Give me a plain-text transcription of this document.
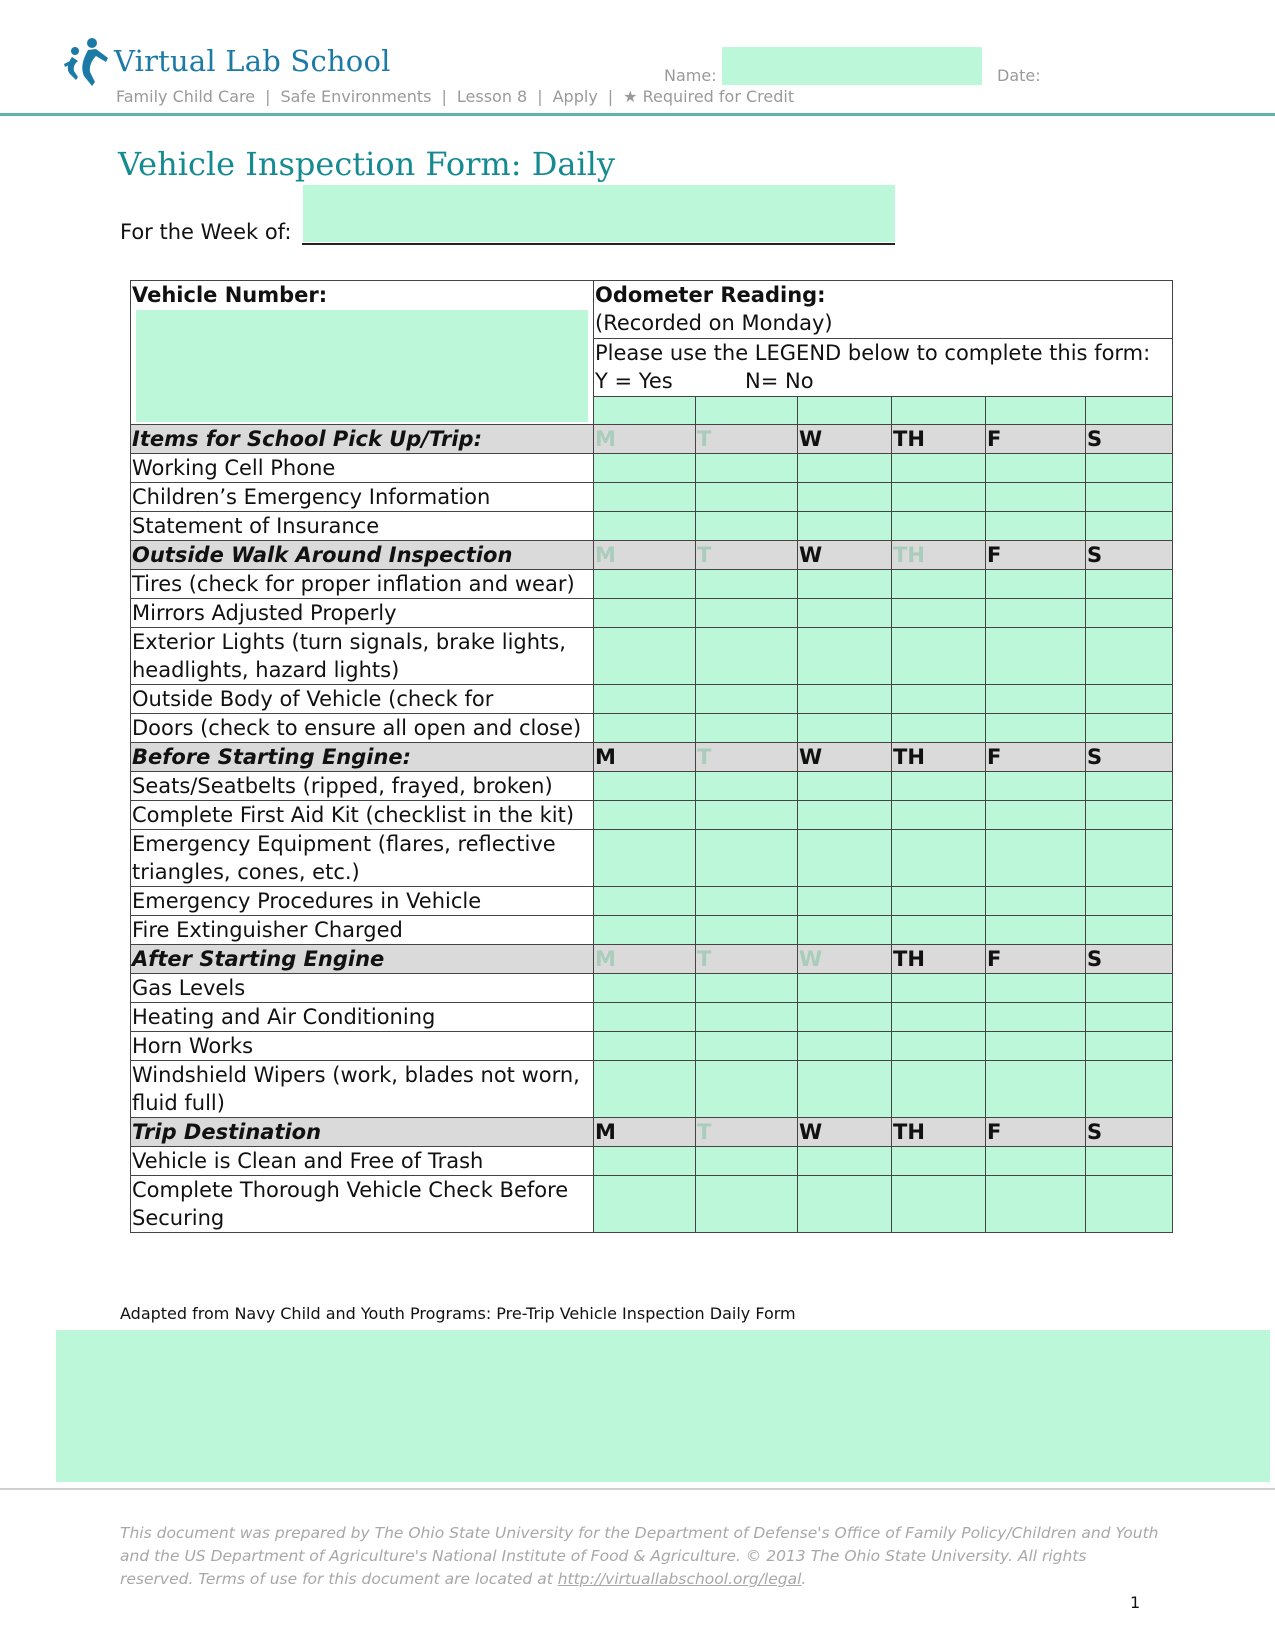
Virtual Lab School
Family Child Care | Safe Environments | Lesson 8 | Apply | ★ Required for Credit
Name:	Date:
Vehicle Inspection Form: Daily
For the Week of:
Vehicle Number:	Odometer Reading:
(Recorded on Monday)					

	Please use the LEGEND below to complete this form:
Y = Yes N= No					

Items for School Pick Up/Trip:	M	T	W	TH	F	S
Working Cell Phone						
Children’s Emergency Information						
Statement of Insurance						
Outside Walk Around Inspection	M	T	W	TH	F	S
Tires (check for proper inflation and wear)						
Mirrors Adjusted Properly						
Exterior Lights (turn signals, brake lights, headlights, hazard lights)						
Outside Body of Vehicle (check for						
Doors (check to ensure all open and close)						
Before Starting Engine:	M	T	W	TH	F	S
Seats/Seatbelts (ripped, frayed, broken)						
Complete First Aid Kit (checklist in the kit)						
Emergency Equipment (flares, reflective triangles, cones, etc.)						
Emergency Procedures in Vehicle						
Fire Extinguisher Charged						
After Starting Engine	M	T	W	TH	F	S
Gas Levels						
Heating and Air Conditioning						
Horn Works						
Windshield Wipers (work, blades not worn, fluid full)						
Trip Destination	M	T	W	TH	F	S
Vehicle is Clean and Free of Trash						
Complete Thorough Vehicle Check Before Securing						
Adapted from Navy Child and Youth Programs: Pre-Trip Vehicle Inspection Daily Form
This document was prepared by The Ohio State University for the Department of Defense's Office of Family Policy/Children and Youth and the US Department of Agriculture's National Institute of Food & Agriculture. © 2013 The Ohio State University. All rights reserved. Terms of use for this document are located at http://virtuallabschool.org/legal.
1
